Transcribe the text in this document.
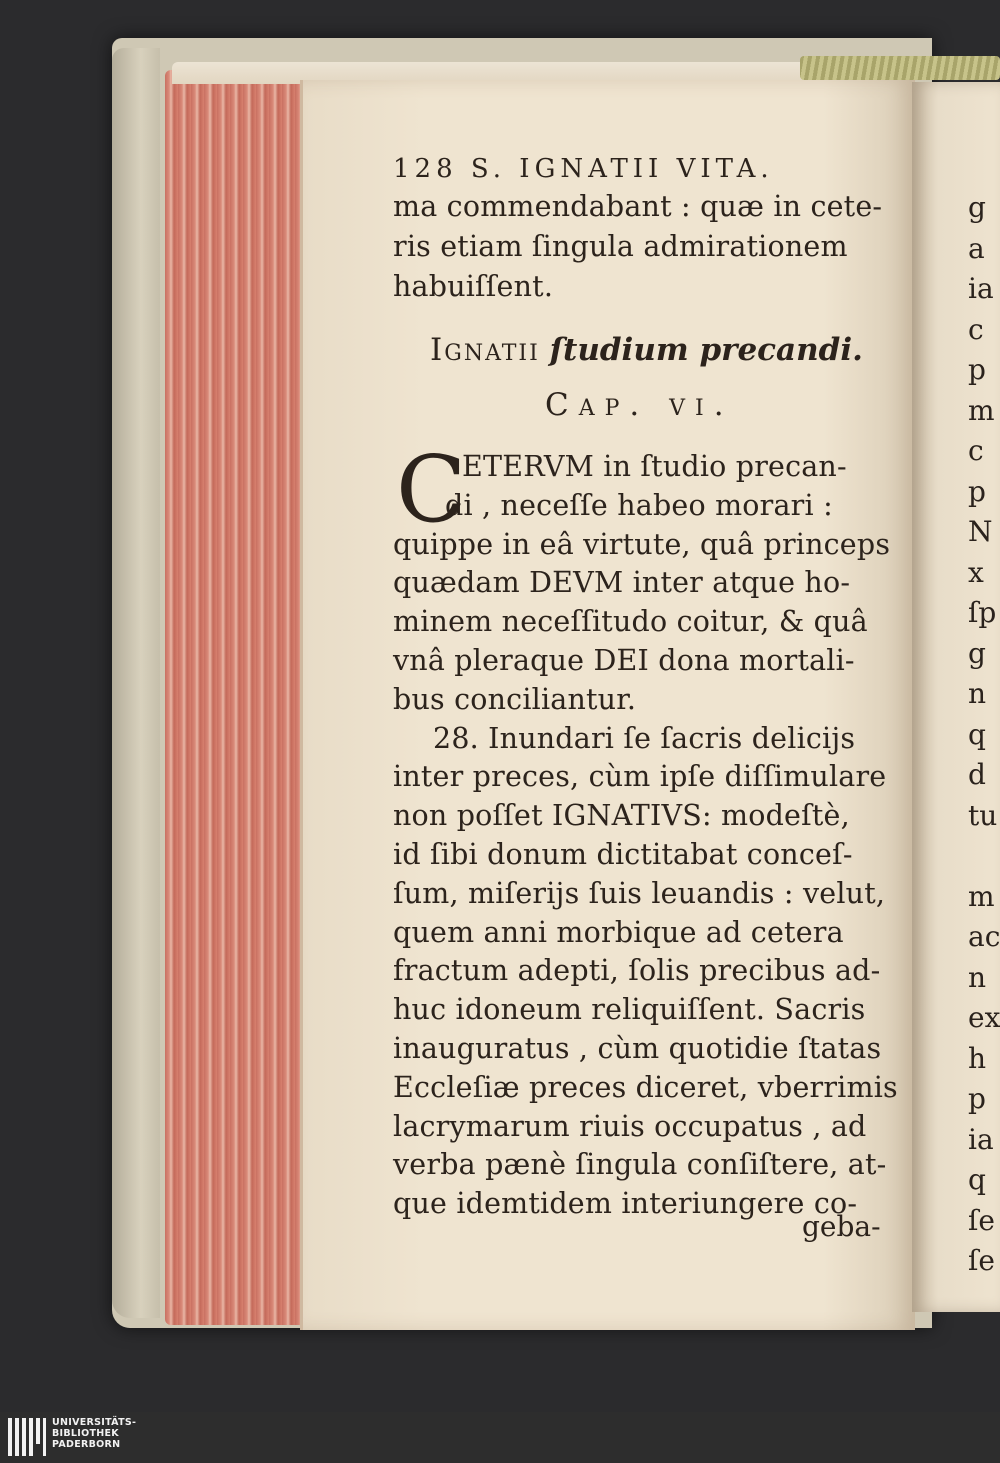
g
a
ia
c
p
m
c
p
N
x
ſp
g
n
q
d
tu
m
ac
n
ex
h
p
ia
q
ſe
ſe
128 S. IGNATII VITA.
ma commendabant : quæ in cete-
ris etiam ſingula admirationem
habuiſſent.
Ignatii ſtudium precandi.
Cap. vi.
C
ETERVM in ſtudio precan-
di , neceſſe habeo morari :
quippe in eâ virtute, quâ princeps
quædam DEVM inter atque ho-
minem neceſſitudo coitur, & quâ
vnâ pleraque DEI dona mortali-
bus conciliantur.
28. Inundari ſe ſacris delicijs
inter preces, cùm ipſe diſſimulare
non poſſet IGNATIVS: modeſtè,
id ſibi donum dictitabat conceſ-
ſum, miſerijs ſuis leuandis : velut,
quem anni morbique ad cetera
fractum adepti, ſolis precibus ad-
huc idoneum reliquiſſent. Sacris
inauguratus , cùm quotidie ſtatas
Eccleſiæ preces diceret, vberrimis
lacrymarum riuis occupatus , ad
verba pænè ſingula conſiſtere, at-
que idemtidem interiungere co-
geba-
UNIVERSITÄTS-
BIBLIOTHEK
PADERBORN
